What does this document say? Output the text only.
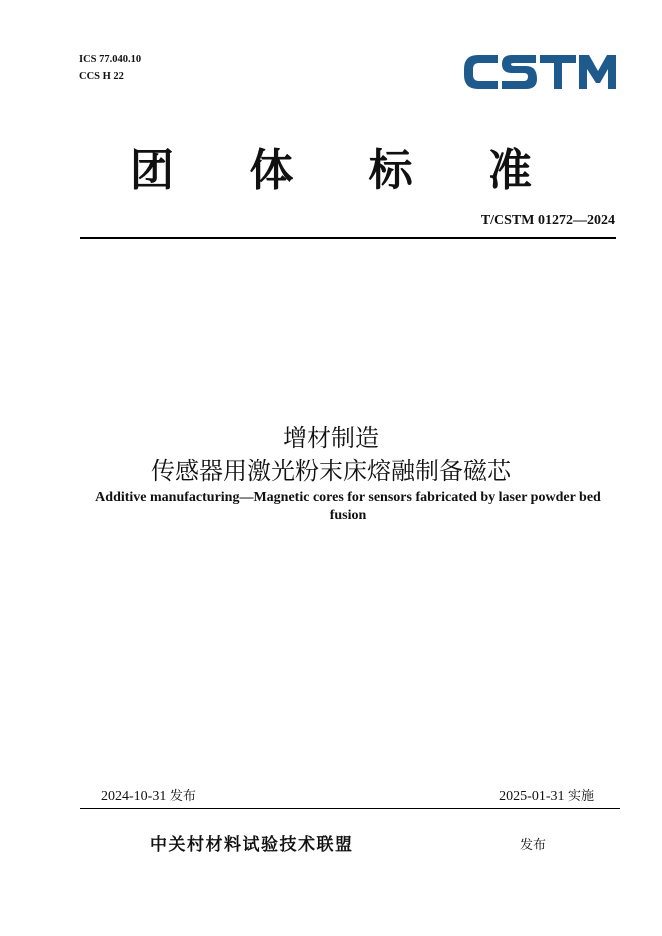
ICS 77.040.10
CCS H 22
团 体 标 准
T/CSTM 01272—2024
增材制造
传感器用激光粉末床熔融制备磁芯
Additive manufacturing—Magnetic cores for sensors fabricated by laser powder bed fusion
2024-10-31 发布	2025-01-31 实施
中关村材料试验技术联盟	发布
